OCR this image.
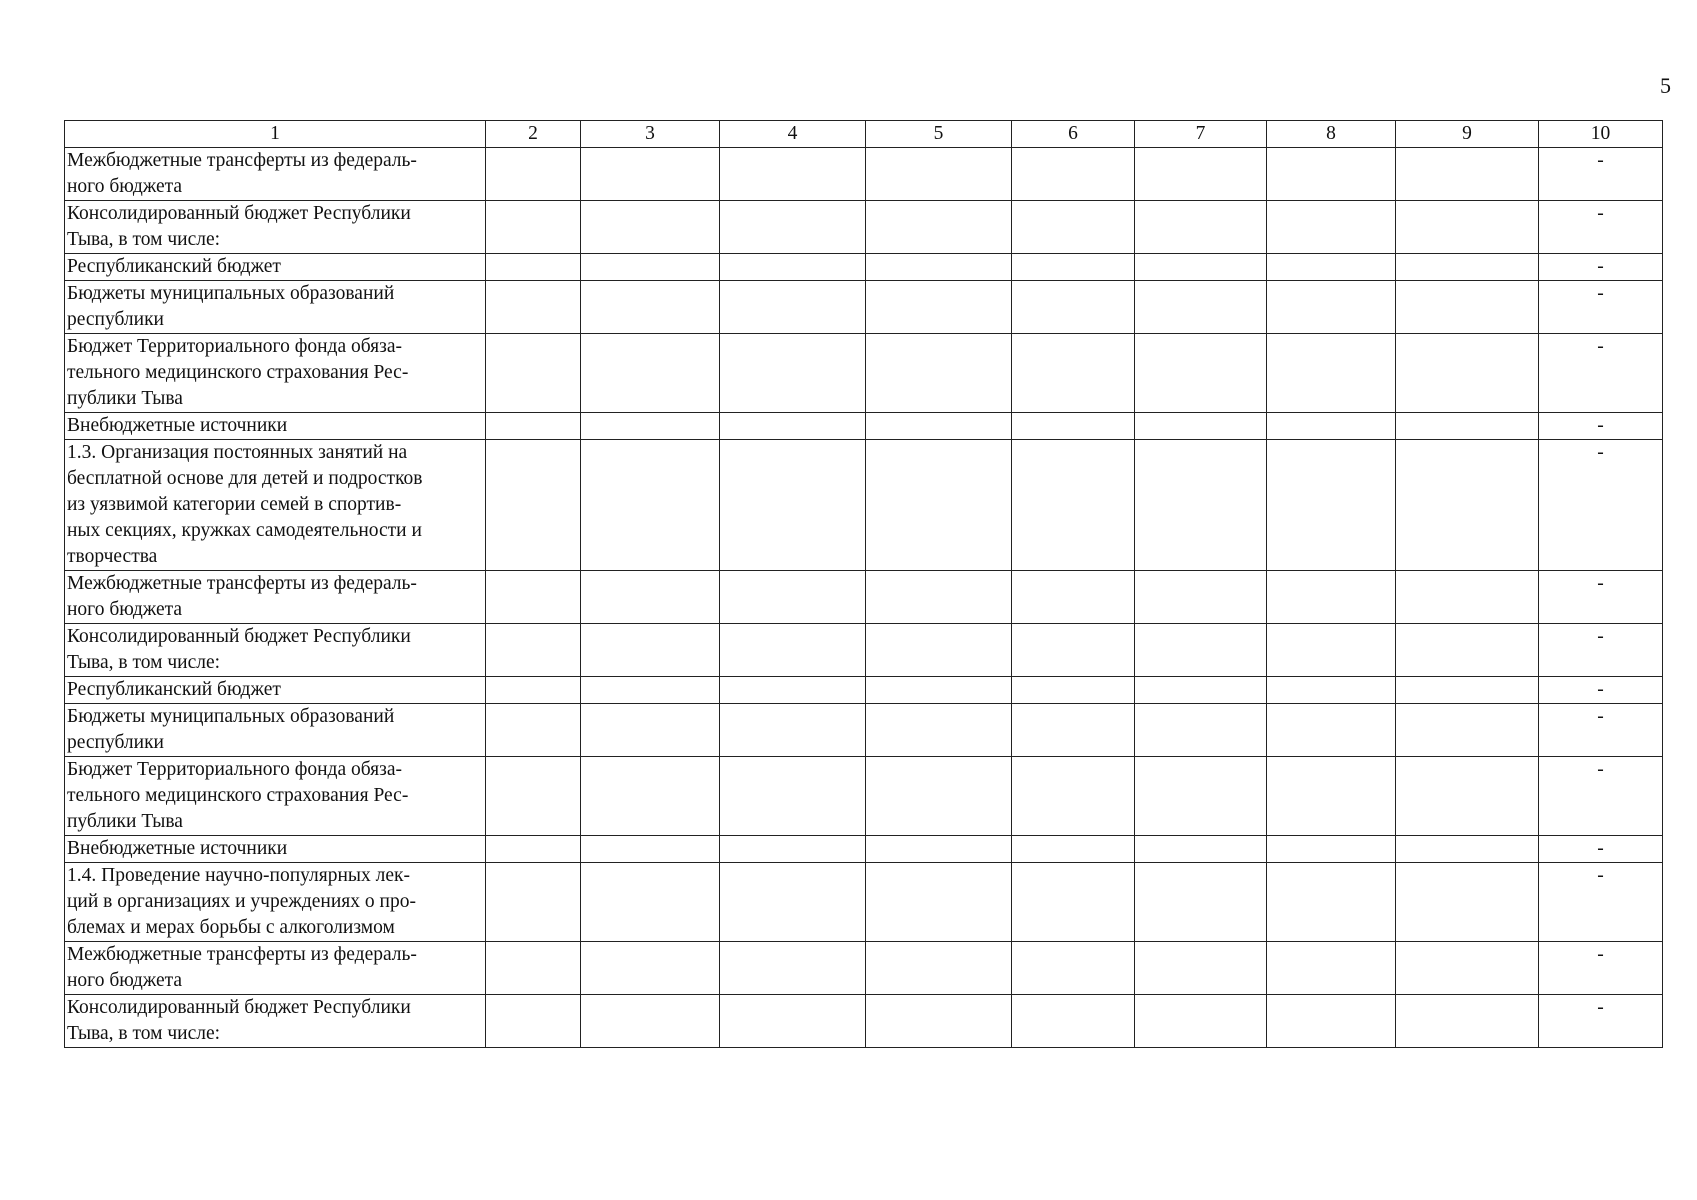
5
1	2	3	4	5	6	7	8	9	10

Межбюджетные трансферты из федераль-
ного бюджета									-

Консолидированный бюджет Республики
Тыва, в том числе:									-

Республиканский бюджет									-

Бюджеты муниципальных образований
республики									-

Бюджет Территориального фонда обяза-
тельного медицинского страхования Рес-
публики Тыва									-

Внебюджетные источники									-

1.3. Организация постоянных занятий на
бесплатной основе для детей и подростков
из уязвимой категории семей в спортив-
ных секциях, кружках самодеятельности и
творчества									-

Межбюджетные трансферты из федераль-
ного бюджета									-

Консолидированный бюджет Республики
Тыва, в том числе:									-

Республиканский бюджет									-

Бюджеты муниципальных образований
республики									-

Бюджет Территориального фонда обяза-
тельного медицинского страхования Рес-
публики Тыва									-

Внебюджетные источники									-

1.4. Проведение научно-популярных лек-
ций в организациях и учреждениях о про-
блемах и мерах борьбы с алкоголизмом									-

Межбюджетные трансферты из федераль-
ного бюджета									-

Консолидированный бюджет Республики
Тыва, в том числе:									-
